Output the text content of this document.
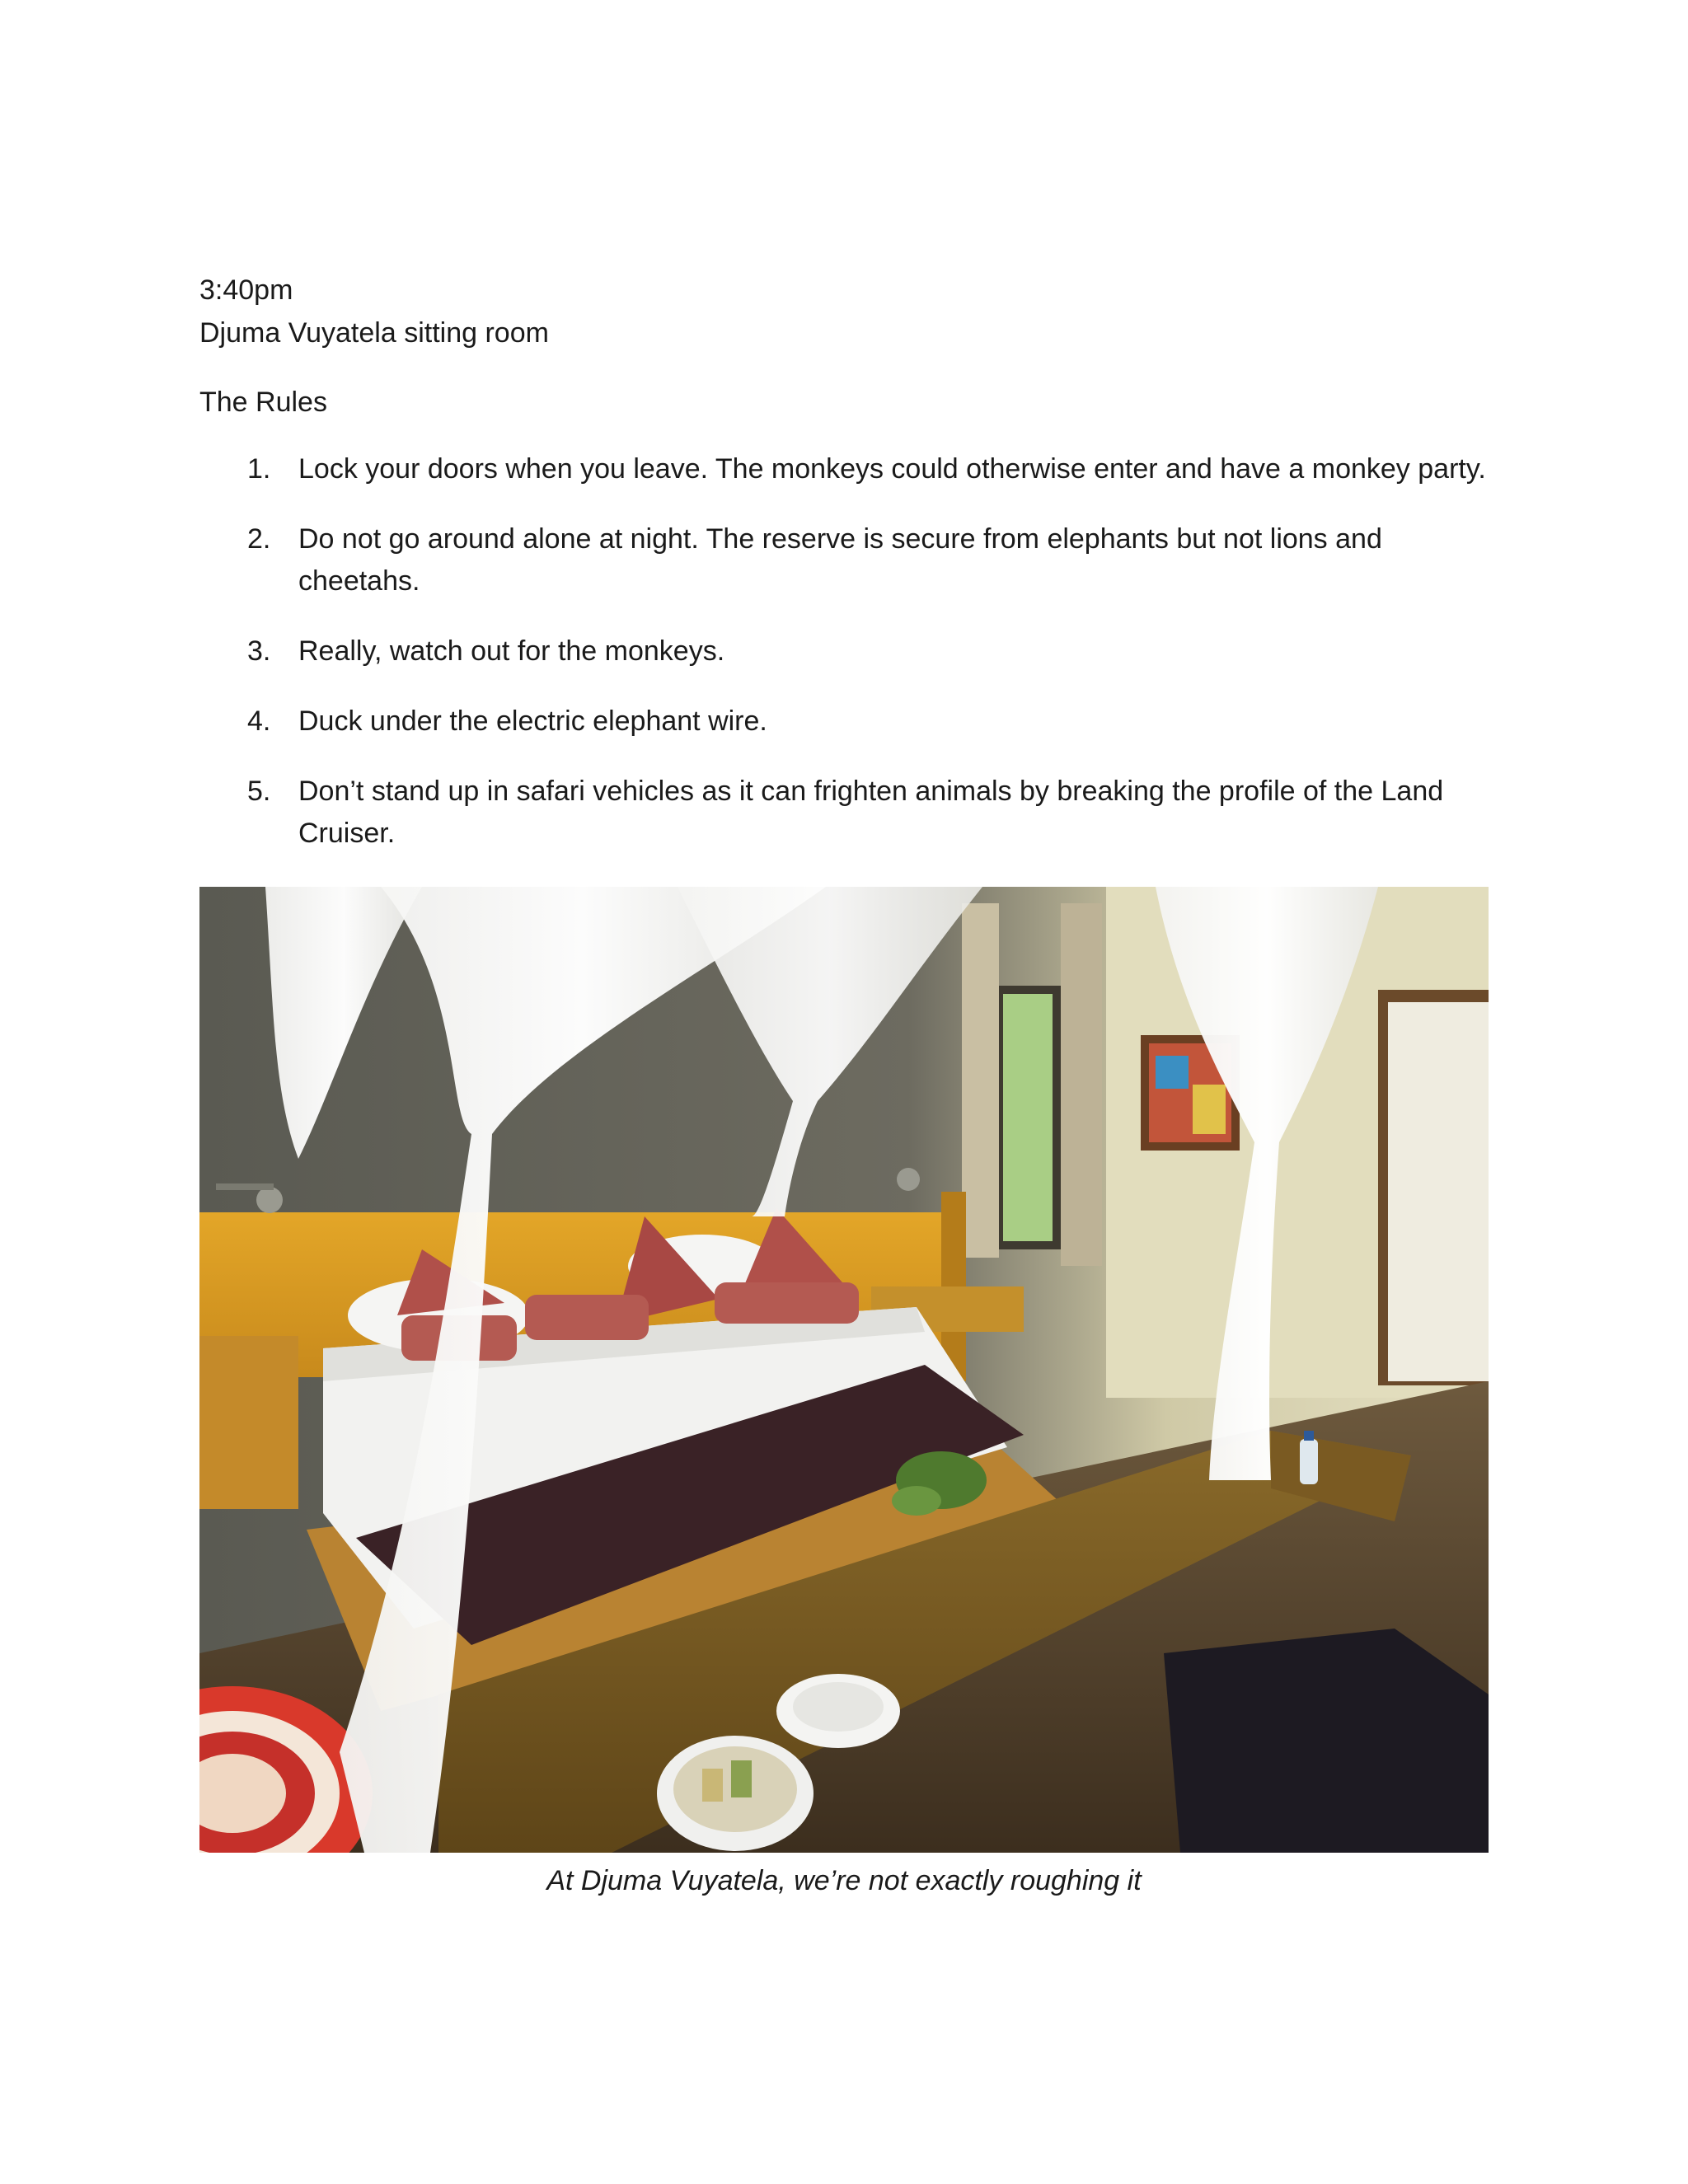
3:40pm

Djuma Vuyatela sitting room

The Rules

1. Lock your doors when you leave. The monkeys could otherwise enter and have a monkey party.
2. Do not go around alone at night. The reserve is secure from elephants but not lions and cheetahs.
3. Really, watch out for the monkeys.
4. Duck under the electric elephant wire.
5. Don’t stand up in safari vehicles as it can frighten animals by breaking the profile of the Land Cruiser.

At Djuma Vuyatela, we’re not exactly roughing it
